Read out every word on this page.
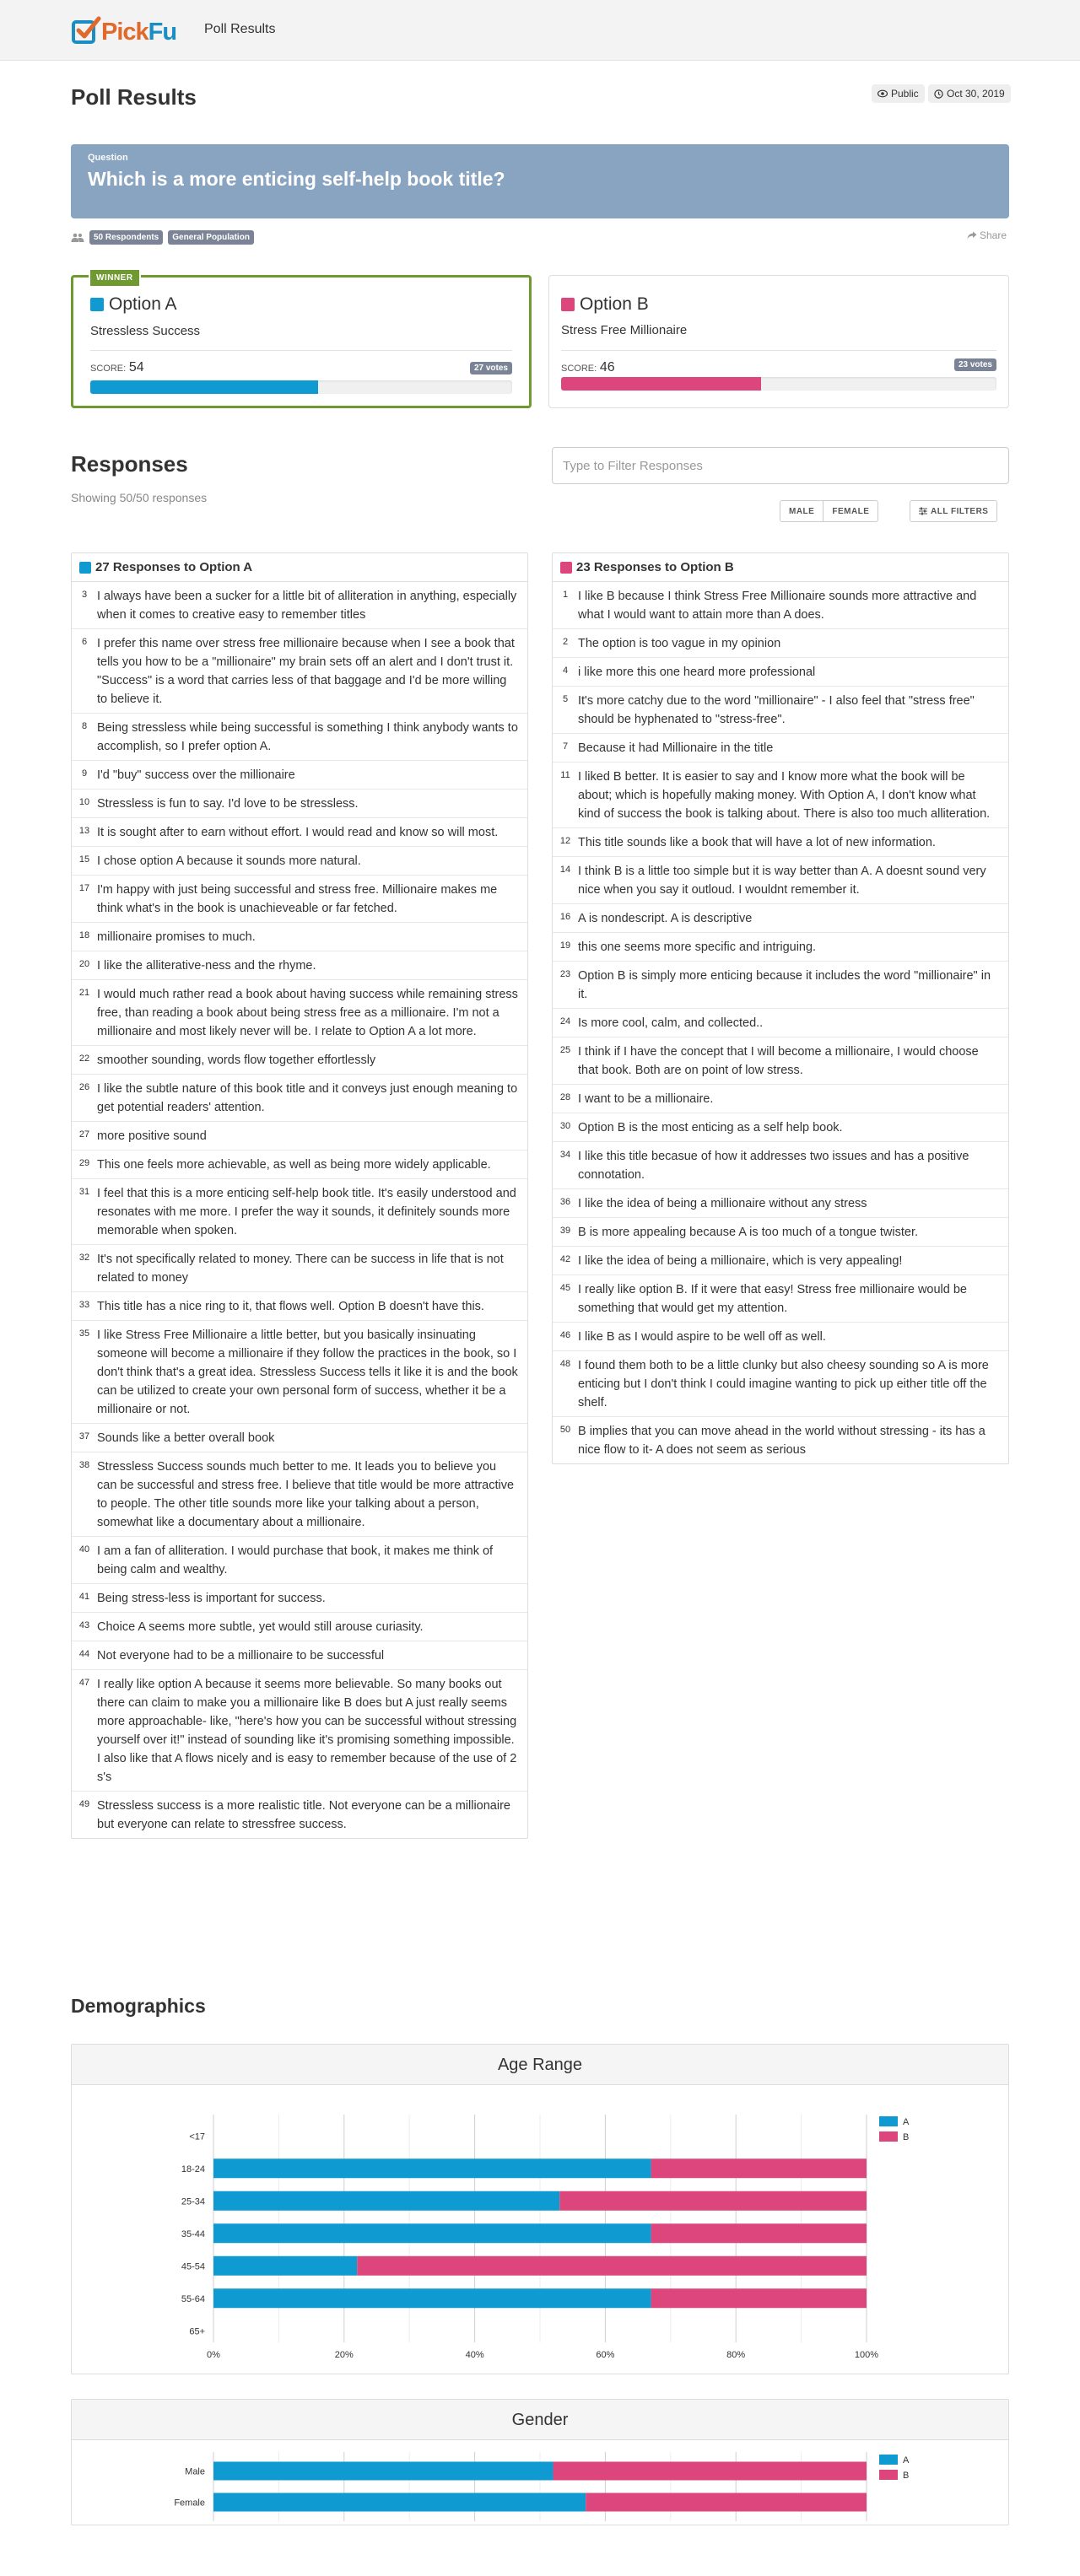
PickFu Poll Results
Poll Results	Public	Oct 30, 2019
Question
Which is a more enticing self-help book title?
50 Respondents	General Population	Share
WINNER
Option A
Stressless Success
SCORE: 54	27 votes
Option B
Stress Free Millionaire
SCORE: 46	23 votes
Responses
Showing 50/50 responses
Type to Filter Responses
MALE	FEMALE	ALL FILTERS
27 Responses to Option A
3 I always have been a sucker for a little bit of alliteration in anything, especially when it comes to creative easy to remember titles
6 I prefer this name over stress free millionaire because when I see a book that tells you how to be a "millionaire" my brain sets off an alert and I don't trust it. "Success" is a word that carries less of that baggage and I'd be more willing to believe it.
8 Being stressless while being successful is something I think anybody wants to accomplish, so I prefer option A.
9 I'd "buy" success over the millionaire
10 Stressless is fun to say. I'd love to be stressless.
13 It is sought after to earn without effort. I would read and know so will most.
15 I chose option A because it sounds more natural.
17 I'm happy with just being successful and stress free. Millionaire makes me think what's in the book is unachieveable or far fetched.
18 millionaire promises to much.
20 I like the alliterative-ness and the rhyme.
21 I would much rather read a book about having success while remaining stress free, than reading a book about being stress free as a millionaire. I'm not a millionaire and most likely never will be. I relate to Option A a lot more.
22 smoother sounding, words flow together effortlessly
26 I like the subtle nature of this book title and it conveys just enough meaning to get potential readers' attention.
27 more positive sound
29 This one feels more achievable, as well as being more widely applicable.
31 I feel that this is a more enticing self-help book title. It's easily understood and resonates with me more. I prefer the way it sounds, it definitely sounds more memorable when spoken.
32 It's not specifically related to money. There can be success in life that is not related to money
33 This title has a nice ring to it, that flows well. Option B doesn't have this.
35 I like Stress Free Millionaire a little better, but you basically insinuating someone will become a millionaire if they follow the practices in the book, so I don't think that's a great idea. Stressless Success tells it like it is and the book can be utilized to create your own personal form of success, whether it be a millionaire or not.
37 Sounds like a better overall book
38 Stressless Success sounds much better to me. It leads you to believe you can be successful and stress free. I believe that title would be more attractive to people. The other title sounds more like your talking about a person, somewhat like a documentary about a millionaire.
40 I am a fan of alliteration. I would purchase that book, it makes me think of being calm and wealthy.
41 Being stress-less is important for success.
43 Choice A seems more subtle, yet would still arouse curiasity.
44 Not everyone had to be a millionaire to be successful
47 I really like option A because it seems more believable. So many books out there can claim to make you a millionaire like B does but A just really seems more approachable- like, "here's how you can be successful without stressing yourself over it!" instead of sounding like it's promising something impossible. I also like that A flows nicely and is easy to remember because of the use of 2 s's
49 Stressless success is a more realistic title. Not everyone can be a millionaire but everyone can relate to stressfree success.
23 Responses to Option B
1 I like B because I think Stress Free Millionaire sounds more attractive and what I would want to attain more than A does.
2 The option is too vague in my opinion
4 i like more this one heard more professional
5 It's more catchy due to the word "millionaire" - I also feel that "stress free" should be hyphenated to "stress-free".
7 Because it had Millionaire in the title
11 I liked B better. It is easier to say and I know more what the book will be about; which is hopefully making money. With Option A, I don't know what kind of success the book is talking about. There is also too much alliteration.
12 This title sounds like a book that will have a lot of new information.
14 I think B is a little too simple but it is way better than A. A doesnt sound very nice when you say it outloud. I wouldnt remember it.
16 A is nondescript. A is descriptive
19 this one seems more specific and intriguing.
23 Option B is simply more enticing because it includes the word "millionaire" in it.
24 Is more cool, calm, and collected..
25 I think if I have the concept that I will become a millionaire, I would choose that book. Both are on point of low stress.
28 I want to be a millionaire.
30 Option B is the most enticing as a self help book.
34 I like this title becasue of how it addresses two issues and has a positive connotation.
36 I like the idea of being a millionaire without any stress
39 B is more appealing because A is too much of a tongue twister.
42 I like the idea of being a millionaire, which is very appealing!
45 I really like option B. If it were that easy! Stress free millionaire would be something that would get my attention.
46 I like B as I would aspire to be well off as well.
48 I found them both to be a little clunky but also cheesy sounding so A is more enticing but I don't think I could imagine wanting to pick up either title off the shelf.
50 B implies that you can move ahead in the world without stressing - its has a nice flow to it- A does not seem as serious
Demographics
Age Range
<17
18-24
25-34
35-44
45-54
55-64
65+
0%	20%	40%	60%	80%	100%
A
B
Gender
Male
Female
A
B
